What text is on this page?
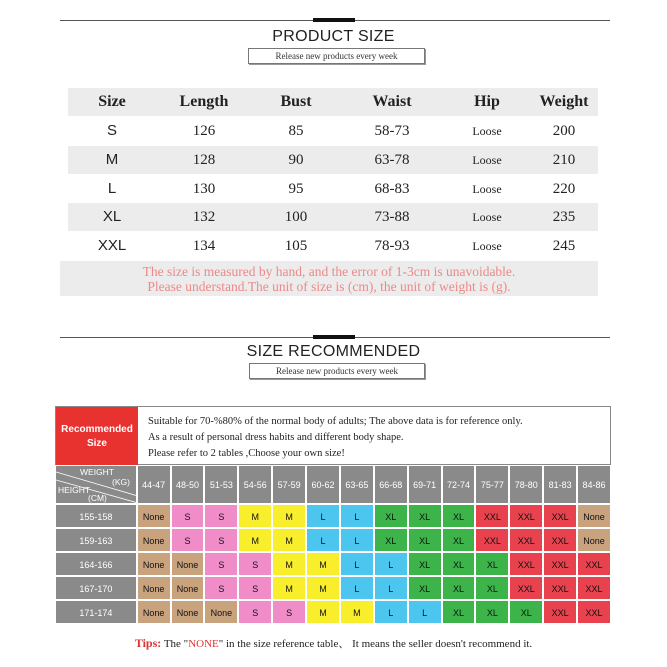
PRODUCT SIZE
Release new products every week
Size	Length	Bust	Waist	Hip	Weight
S	126	85	58-73	Loose	200
M	128	90	63-78	Loose	210
L	130	95	68-83	Loose	220
XL	132	100	73-88	Loose	235
XXL	134	105	78-93	Loose	245
The size is measured by hand, and the error of 1-3cm is unavoidable.
Please understand.The unit of size is (cm), the unit of weight is (g).
SIZE RECOMMENDED
Release new products every week
Recommended
Size
Suitable for 70-%80% of the normal body of adults; The above data is for reference only.
As a result of personal dress habits and different body shape.
Please refer to 2 tables ,Choose your own size!
WEIGHT
(KG)
HEIGHT
(CM)
44-47	48-50	51-53	54-56	57-59	60-62	63-65	66-68	69-71	72-74	75-77	78-80	81-83	84-86
155-158	None	S	S	M	M	L	L	XL	XL	XL	XXL	XXL	XXL	None
159-163	None	S	S	M	M	L	L	XL	XL	XL	XXL	XXL	XXL	None
164-166	None	None	S	S	M	M	L	L	XL	XL	XL	XXL	XXL	XXL
167-170	None	None	S	S	M	M	L	L	XL	XL	XL	XXL	XXL	XXL
171-174	None	None	None	S	S	M	M	L	L	XL	XL	XL	XXL	XXL
Tips: The "NONE" in the size reference table、 It means the seller doesn't recommend it.
